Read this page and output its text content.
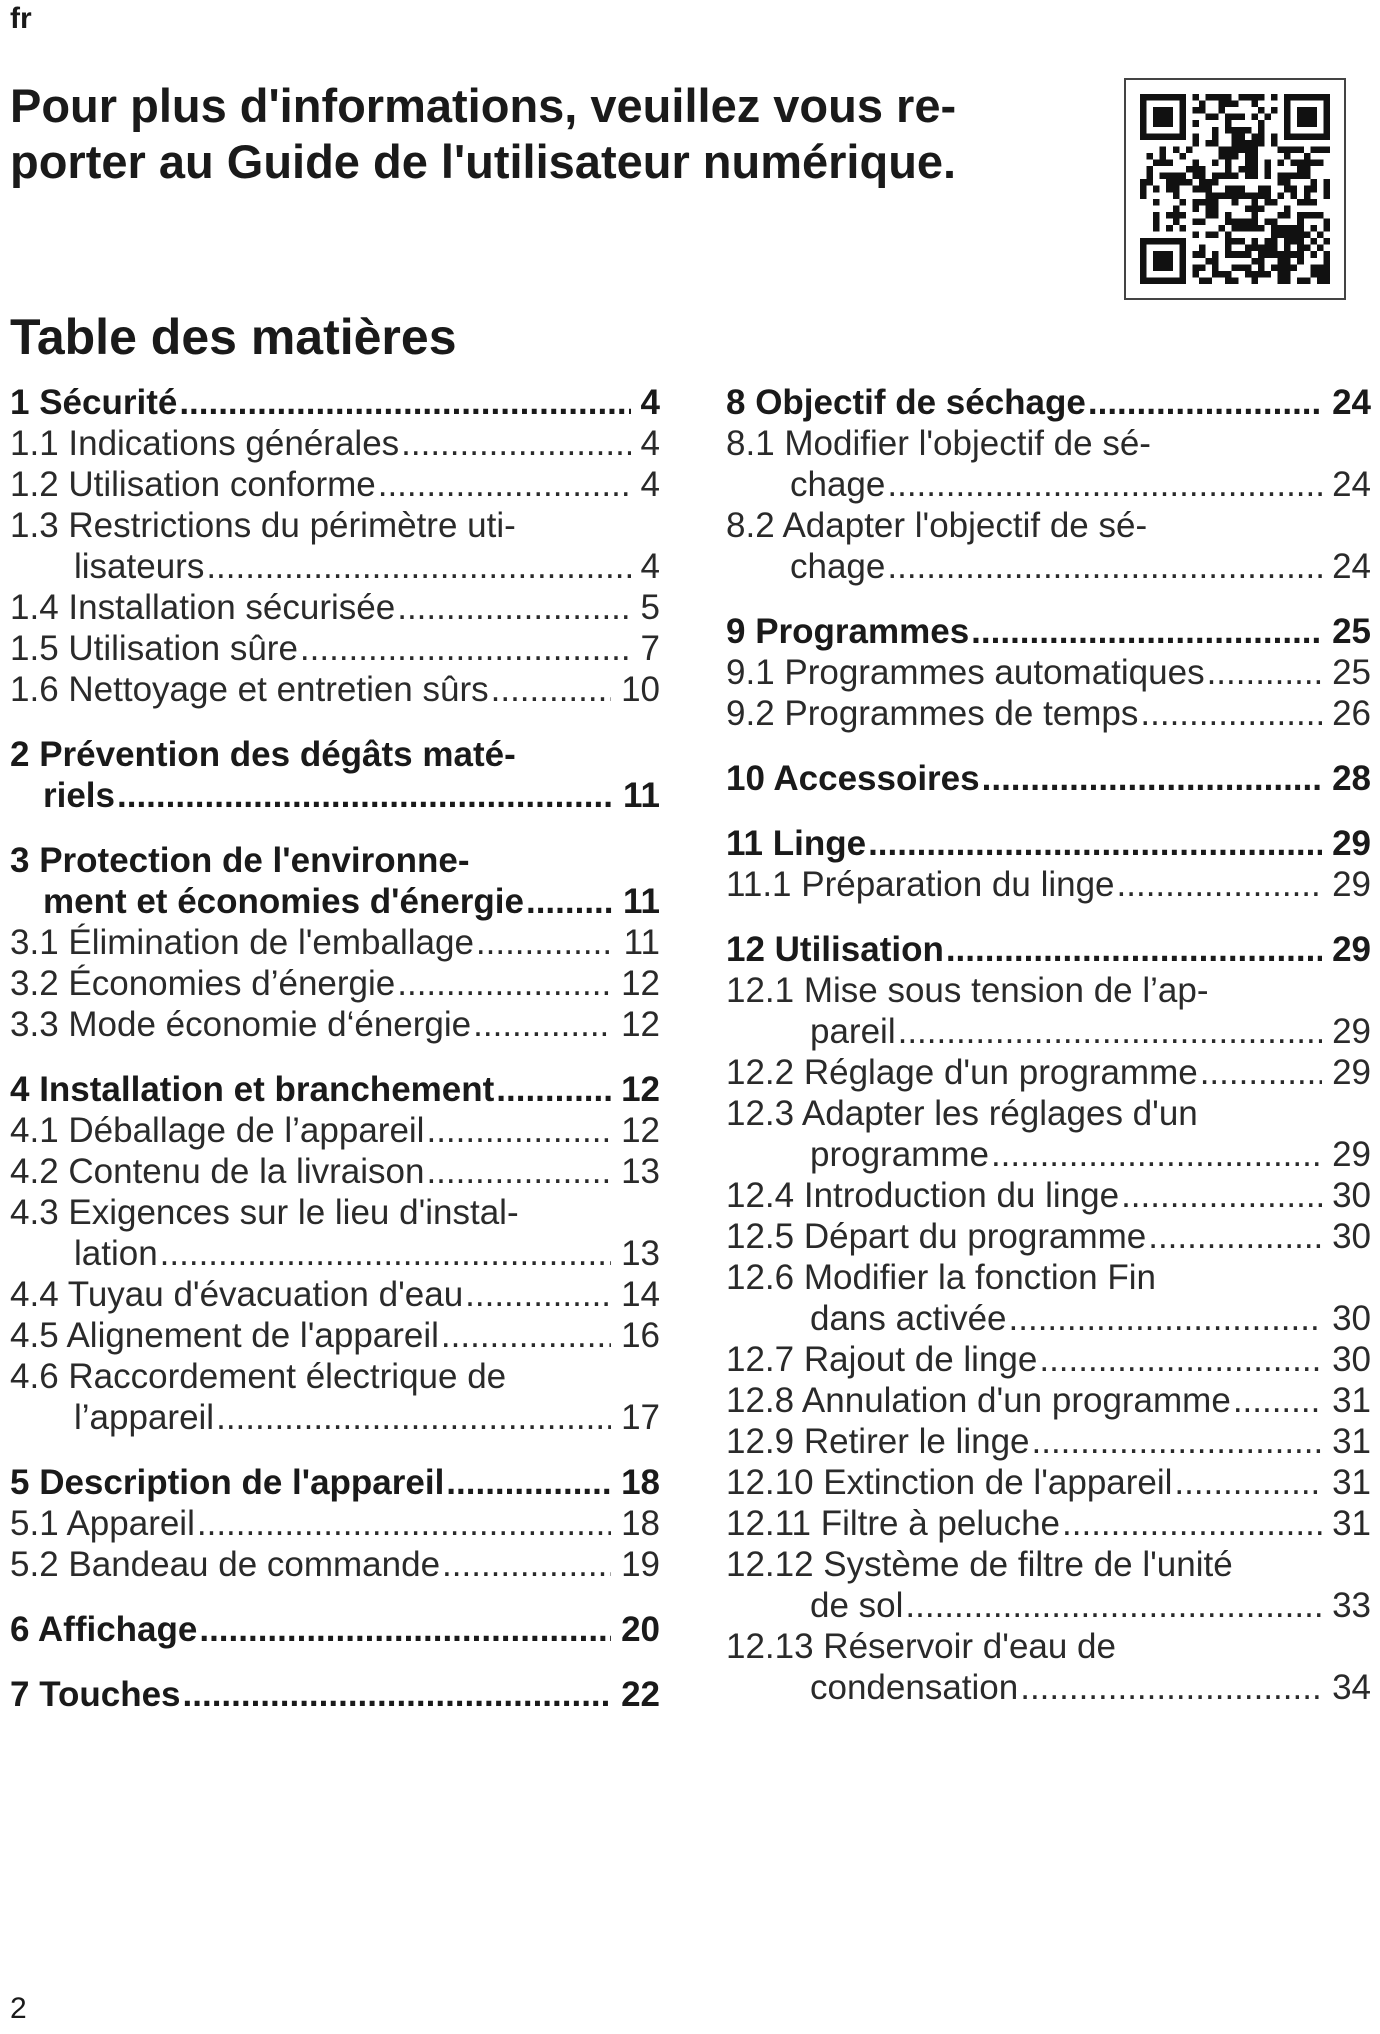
fr
Pour plus d'informations, veuillez vous re-
porter au Guide de l'utilisateur numérique.
Table des matières
1 Sécurité .....	4
1.1 Indications générales .....	4
1.2 Utilisation conforme .....	4
1.3 Restrictions du périmètre uti-
lisateurs .....	4
1.4 Installation sécurisée .....	5
1.5 Utilisation sûre .....	7
1.6 Nettoyage et entretien sûrs .....	10
2 Prévention des dégâts maté-
riels .....	11
3 Protection de l'environne-
ment et économies d'énergie .....	11
3.1 Élimination de l'emballage .....	11
3.2 Économies d’énergie .....	12
3.3 Mode économie d‘énergie .....	12
4 Installation et branchement .....	12
4.1 Déballage de l’appareil .....	12
4.2 Contenu de la livraison .....	13
4.3 Exigences sur le lieu d'instal-
lation .....	13
4.4 Tuyau d'évacuation d'eau .....	14
4.5 Alignement de l'appareil .....	16
4.6 Raccordement électrique de
l’appareil .....	17
5 Description de l'appareil .....	18
5.1 Appareil .....	18
5.2 Bandeau de commande .....	19
6 Affichage .....	20
7 Touches .....	22
8 Objectif de séchage .....	24
8.1 Modifier l'objectif de sé-
chage .....	24
8.2 Adapter l'objectif de sé-
chage .....	24
9 Programmes .....	25
9.1 Programmes automatiques .....	25
9.2 Programmes de temps .....	26
10 Accessoires .....	28
11 Linge .....	29
11.1 Préparation du linge .....	29
12 Utilisation .....	29
12.1 Mise sous tension de l’ap-
pareil .....	29
12.2 Réglage d'un programme .....	29
12.3 Adapter les réglages d'un
programme .....	29
12.4 Introduction du linge .....	30
12.5 Départ du programme .....	30
12.6 Modifier la fonction Fin
dans activée .....	30
12.7 Rajout de linge .....	30
12.8 Annulation d'un programme .....	31
12.9 Retirer le linge .....	31
12.10 Extinction de l'appareil .....	31
12.11 Filtre à peluche .....	31
12.12 Système de filtre de l'unité
de sol .....	33
12.13 Réservoir d'eau de
condensation .....	34
2
